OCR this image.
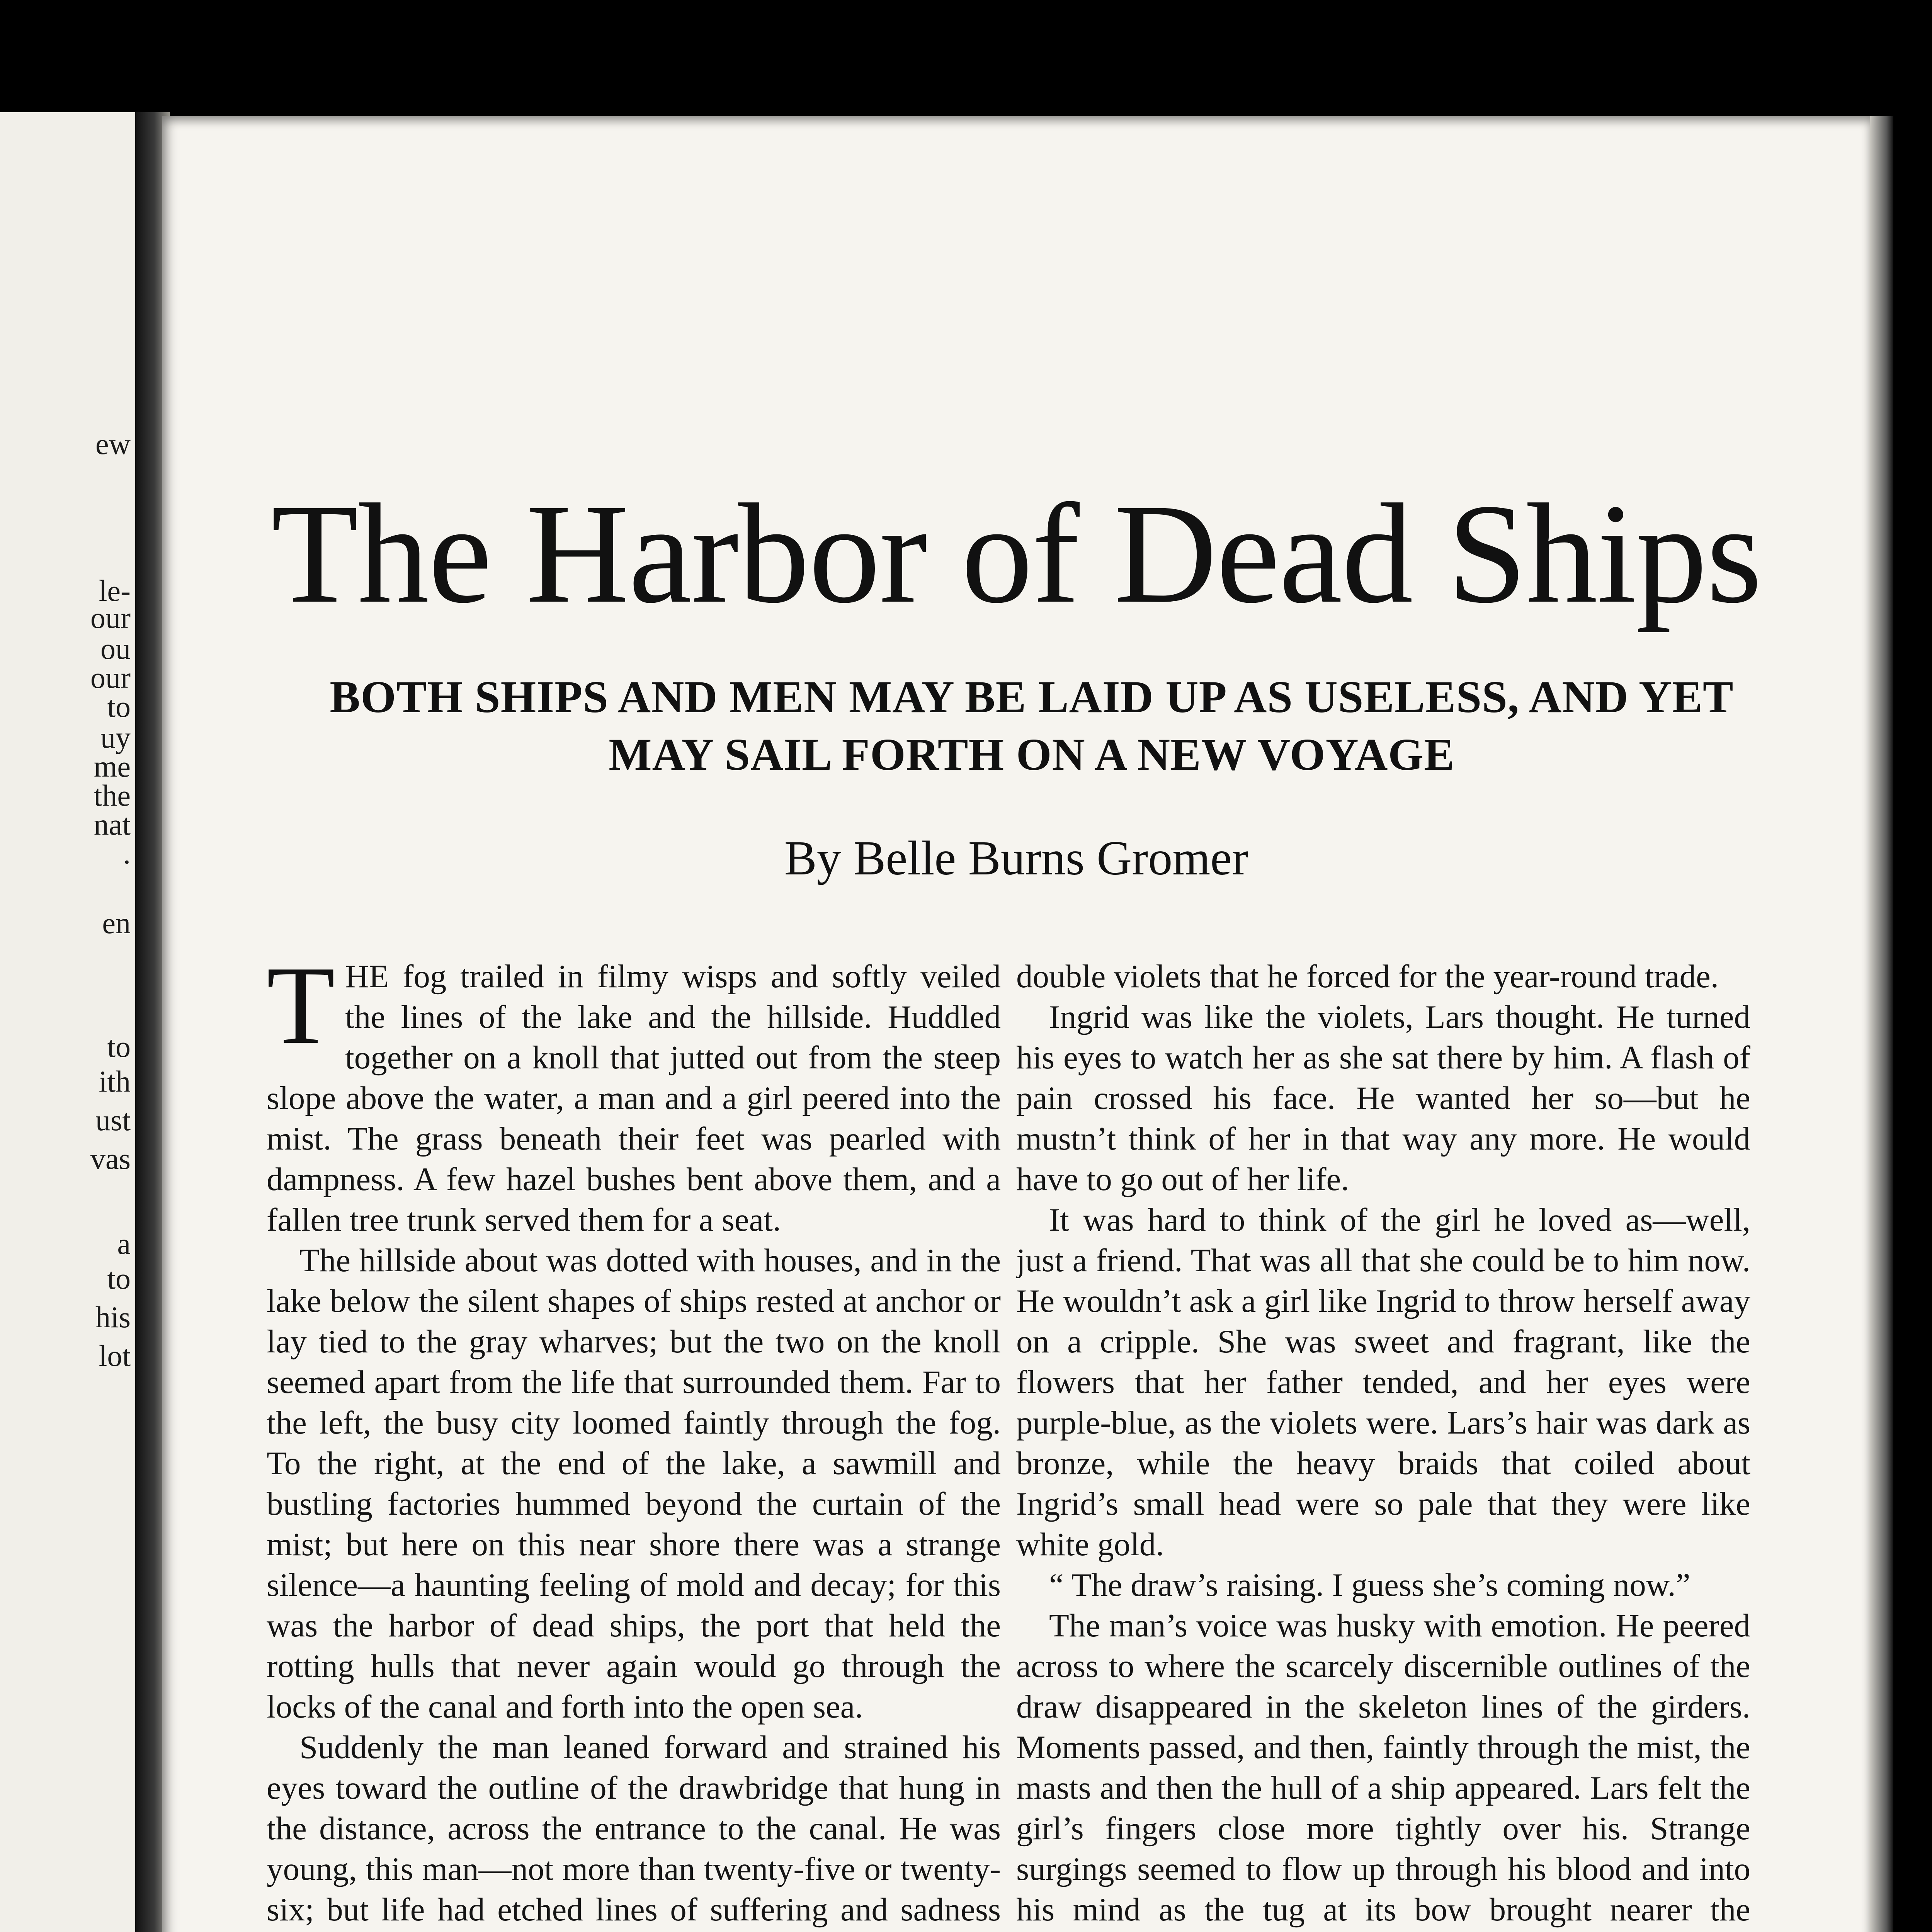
ew
le-
our
ou
our
to
uy
me
the
nat
.
en
to
ith
ust
vas
a
to
his
lot
The Harbor of Dead Ships
BOTH SHIPS AND MEN MAY BE LAID UP AS USELESS, AND YET
MAY SAIL FORTH ON A NEW VOYAGE
By Belle Burns Gromer
T HE fog trailed in filmy wisps and softly veiled the lines of the lake and the hillside. Huddled together on a knoll that jutted out from the steep slope above the water, a man and a girl peered into the mist. The grass beneath their feet was pearled with dampness. A few hazel bushes bent above them, and a fallen tree trunk served them for a seat.

The hillside about was dotted with houses, and in the lake below the silent shapes of ships rested at anchor or lay tied to the gray wharves; but the two on the knoll seemed apart from the life that surrounded them. Far to the left, the busy city loomed faintly through the fog. To the right, at the end of the lake, a sawmill and bustling factories hummed beyond the curtain of the mist; but here on this near shore there was a strange silence—a haunting feeling of mold and decay; for this was the harbor of dead ships, the port that held the rotting hulls that never again would go through the locks of the canal and forth into the open sea.

Suddenly the man leaned forward and strained his eyes toward the outline of the drawbridge that hung in the distance, across the entrance to the canal. He was young, this man—not more than twenty-five or twenty-six; but life had etched lines of suffering and sadness

double violets that he forced for the year-round trade.

Ingrid was like the violets, Lars thought. He turned his eyes to watch her as she sat there by him. A flash of pain crossed his face. He wanted her so—but he mustn’t think of her in that way any more. He would have to go out of her life.

It was hard to think of the girl he loved as—well, just a friend. That was all that she could be to him now. He wouldn’t ask a girl like Ingrid to throw herself away on a cripple. She was sweet and fragrant, like the flowers that her father tended, and her eyes were purple-blue, as the violets were. Lars’s hair was dark as bronze, while the heavy braids that coiled about Ingrid’s small head were so pale that they were like white gold.

“ The draw’s raising. I guess she’s coming now.”

The man’s voice was husky with emotion. He peered across to where the scarcely discernible outlines of the draw disappeared in the skeleton lines of the girders. Moments passed, and then, faintly through the mist, the masts and then the hull of a ship appeared. Lars felt the girl’s fingers close more tightly over his. Strange surgings seemed to flow up through his blood and into his mind as the tug at its bow brought nearer the
